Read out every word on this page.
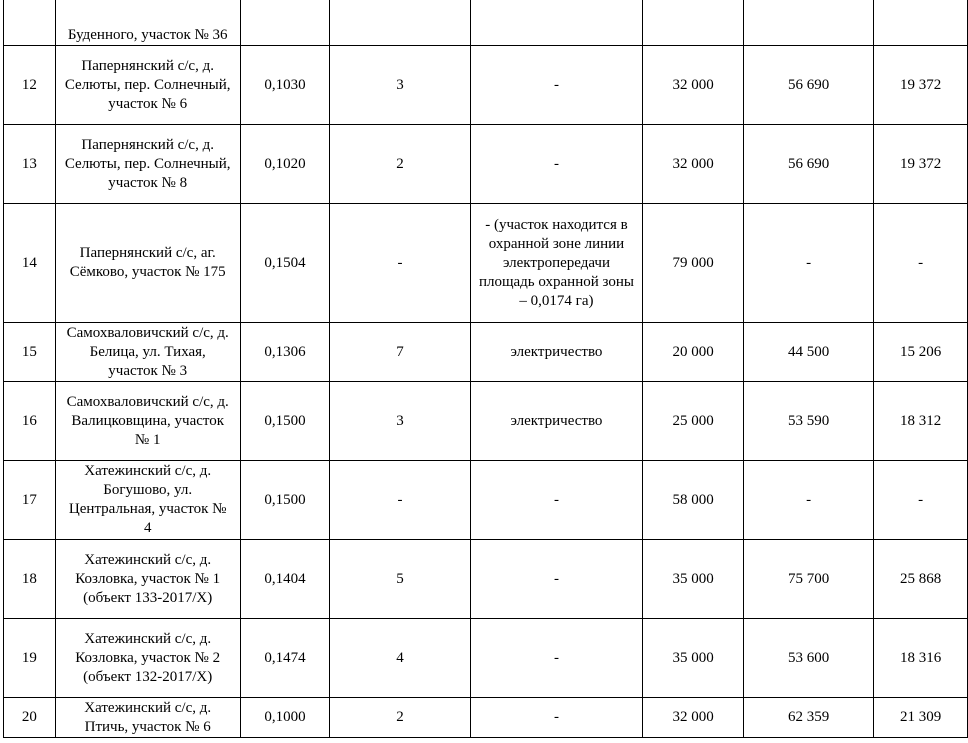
	Буденного, участок № 36						
12	Папернянский с/с, д. Селюты, пер. Солнечный, участок № 6	0,1030	3	-	32 000	56 690	19 372
13	Папернянский с/с, д. Селюты, пер. Солнечный, участок № 8	0,1020	2	-	32 000	56 690	19 372
14	Папернянский с/с, аг. Сёмково, участок № 175	0,1504	-	- (участок находится в охранной зоне линии электропередачи площадь охранной зоны – 0,0174 га)	79 000	-	-
15	Самохваловичский с/с, д. Белица, ул. Тихая, участок № 3	0,1306	7	электричество	20 000	44 500	15 206
16	Самохваловичский с/с, д. Валицковщина, участок № 1	0,1500	3	электричество	25 000	53 590	18 312
17	Хатежинский с/с, д. Богушово, ул. Центральная, участок № 4	0,1500	-	-	58 000	-	-
18	Хатежинский с/с, д. Козловка, участок № 1 (объект 133-2017/Х)	0,1404	5	-	35 000	75 700	25 868
19	Хатежинский с/с, д. Козловка, участок № 2 (объект 132-2017/Х)	0,1474	4	-	35 000	53 600	18 316
20	Хатежинский с/с, д. Птичь, участок № 6	0,1000	2	-	32 000	62 359	21 309
